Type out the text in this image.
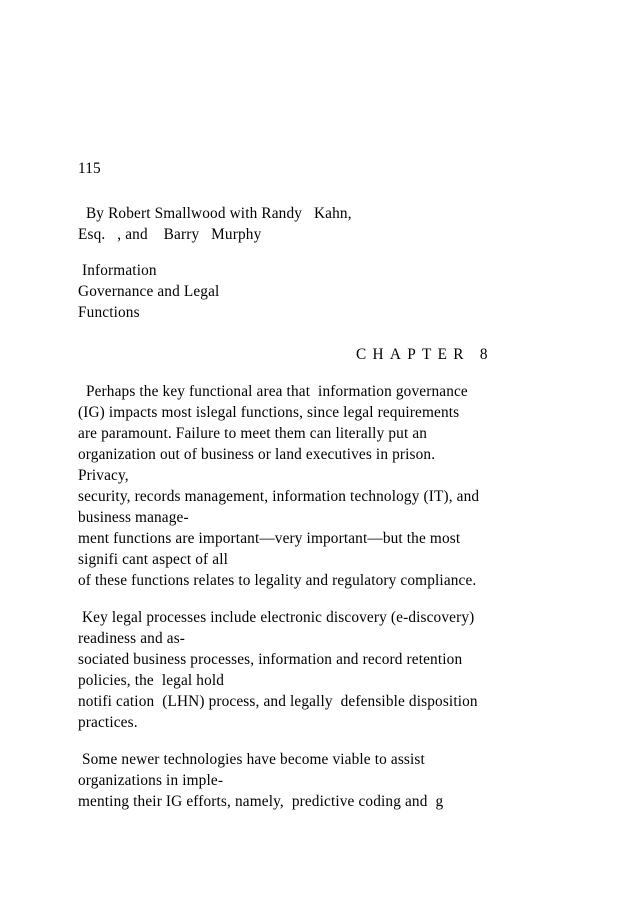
115
By Robert Smallwood with Randy   Kahn,
Esq.   , and    Barry   Murphy
Information
Governance and Legal
Functions
CHAPTER 8
Perhaps the key functional area that  information governance
(IG) impacts most islegal functions, since legal requirements
are paramount. Failure to meet them can literally put an
organization out of business or land executives in prison.
Privacy,
security, records management, information technology (IT), and
business manage-
ment functions are important—very important—but the most
signifi cant aspect of all
of these functions relates to legality and regulatory compliance.
Key legal processes include electronic discovery (e-discovery)
readiness and as-
sociated business processes, information and record retention
policies, the  legal hold
notifi cation  (LHN) process, and legally  defensible disposition
practices.
Some newer technologies have become viable to assist
organizations in imple-
menting their IG efforts, namely,  predictive coding and  g
